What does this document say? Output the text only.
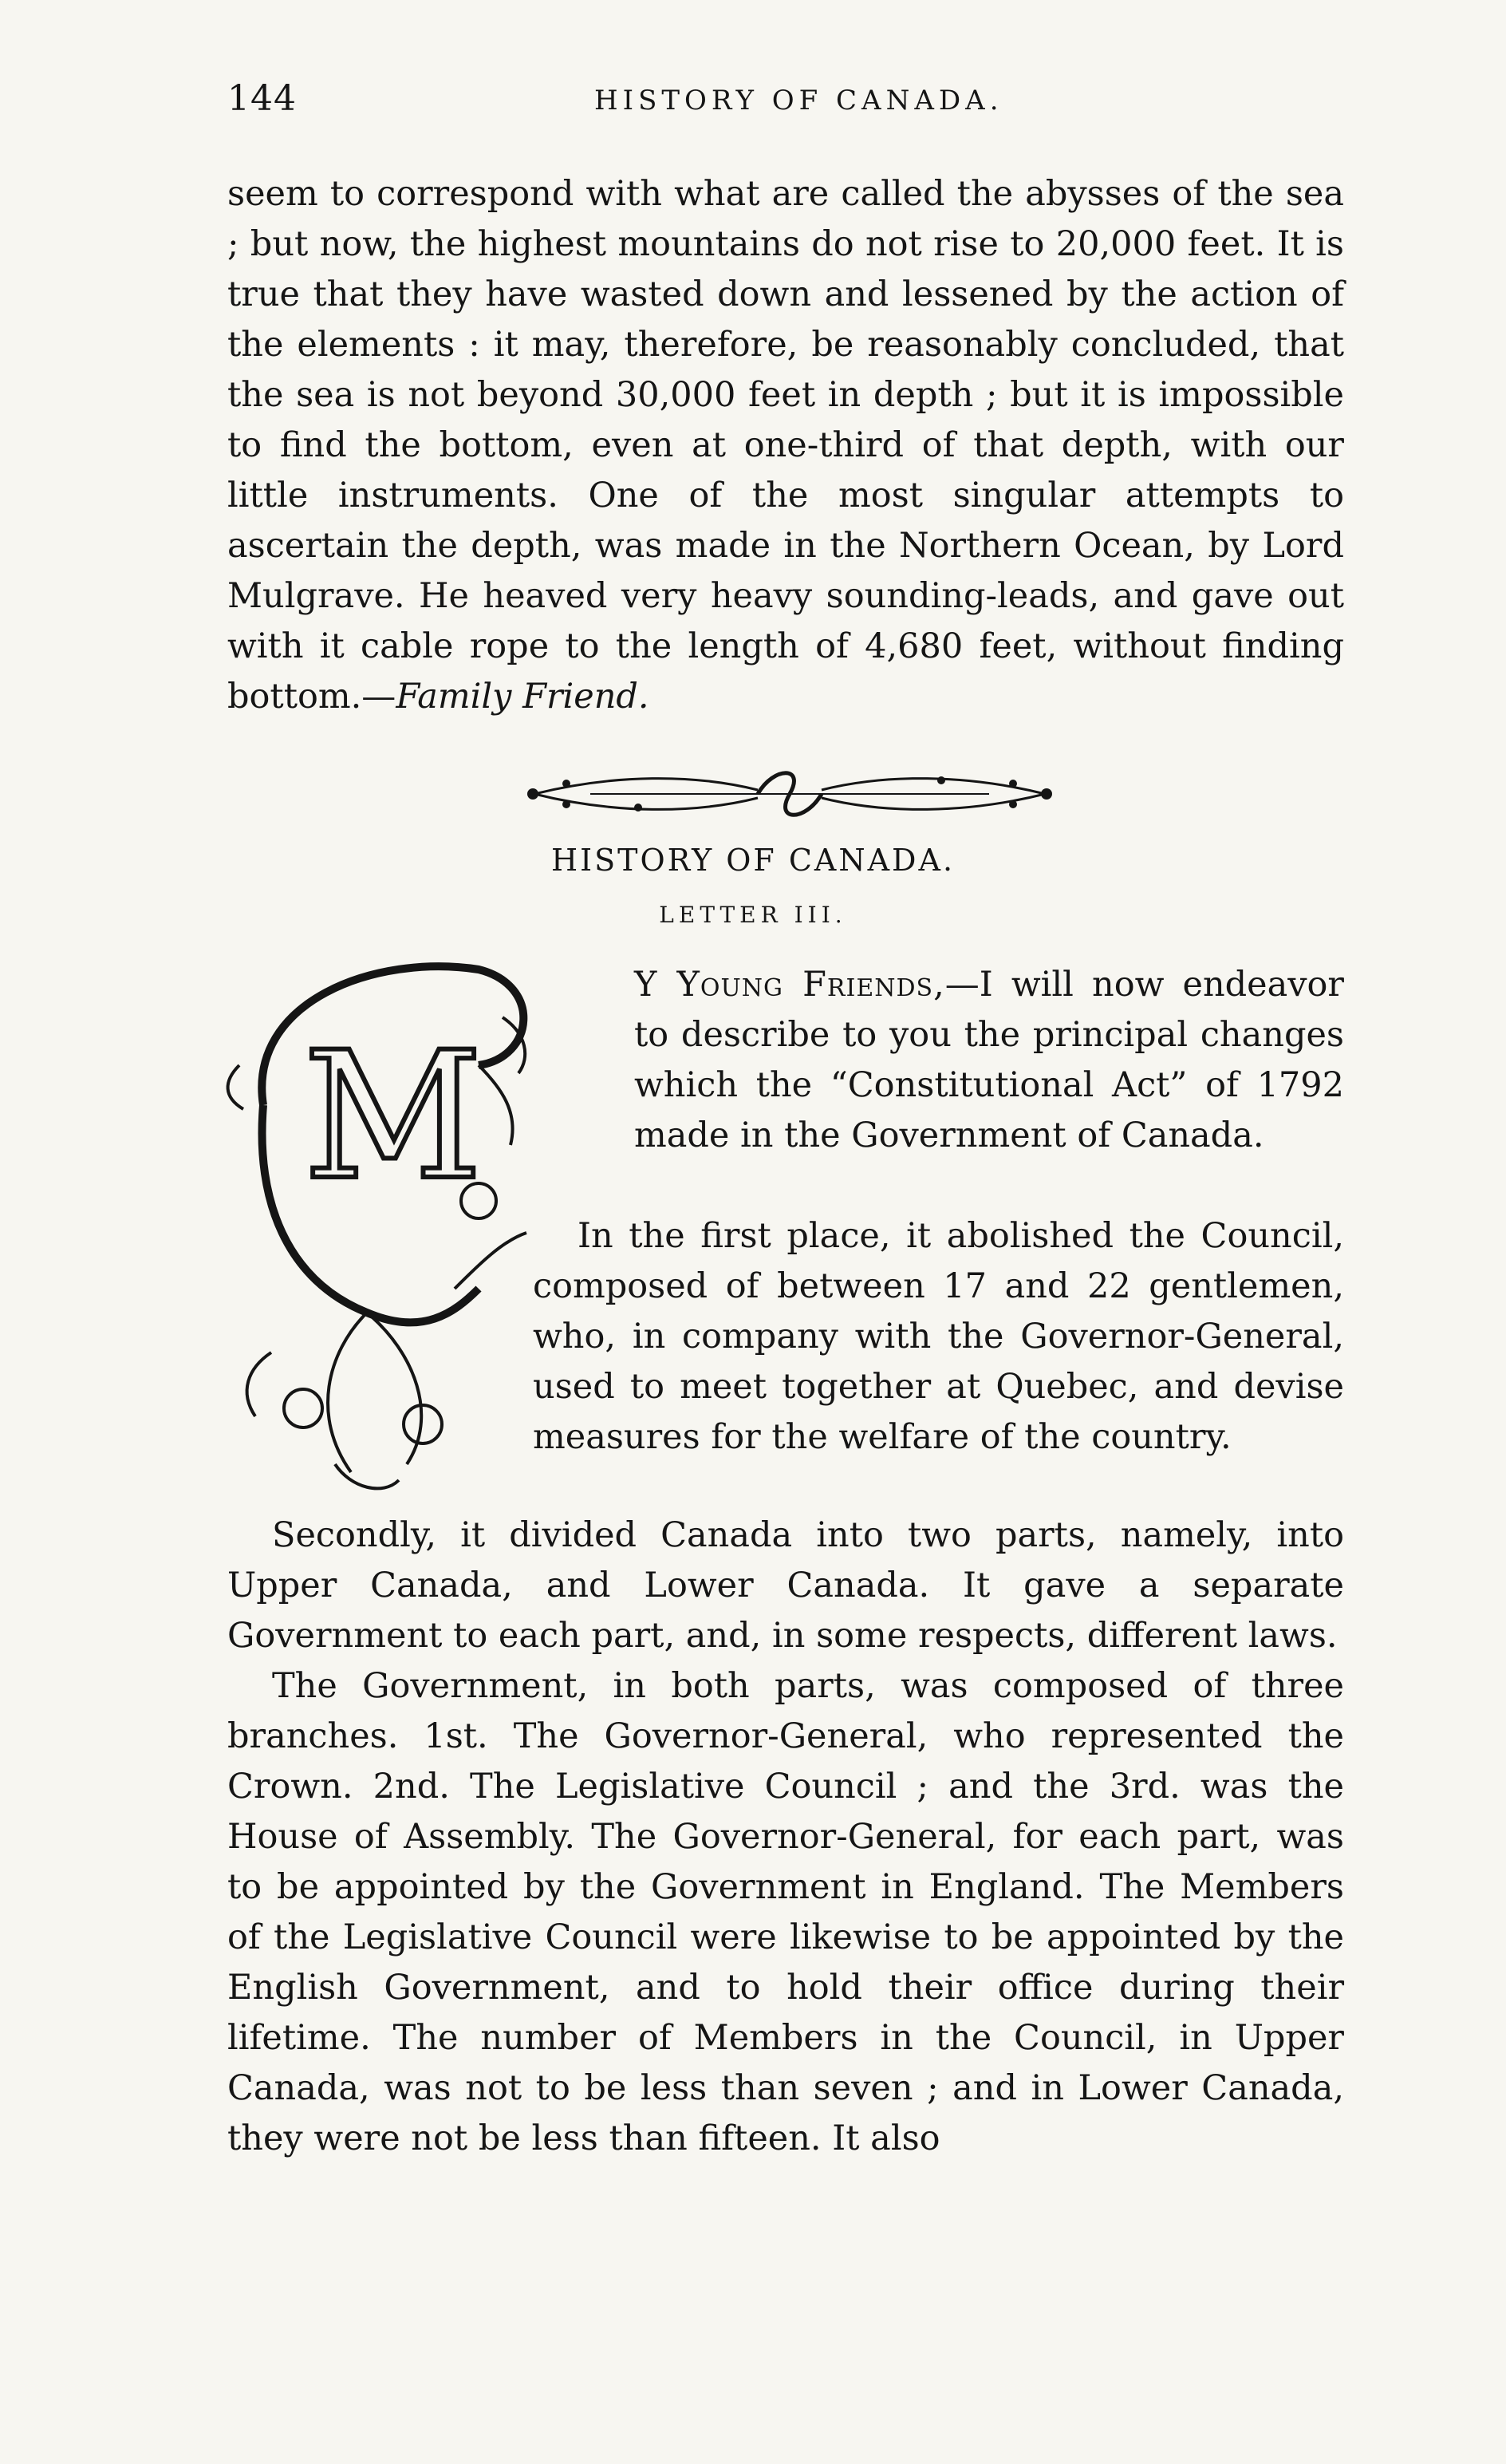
144	HISTORY OF CANADA.

seem to correspond with what are called the abysses of the sea ; but now, the highest mountains do not rise to 20,000 feet. It is true that they have wasted down and lessened by the action of the elements : it may, therefore, be reasonably concluded, that the sea is not beyond 30,000 feet in depth ; but it is impossible to find the bottom, even at one-third of that depth, with our little instruments. One of the most singular attempts to ascertain the depth, was made in the Northern Ocean, by Lord Mulgrave. He heaved very heavy sounding-leads, and gave out with it cable rope to the length of 4,680 feet, without finding bottom.—Family Friend.

HISTORY OF CANADA.
LETTER III.
M
Y Young Friends,—I will now endeavor to describe to you the principal changes which the “Constitutional Act” of 1792 made in the Government of Canada.
In the first place, it abolished the Council, composed of between 17 and 22 gentlemen, who, in company with the Governor-General, used to meet together at Quebec, and devise measures for the welfare of the country.

Secondly, it divided Canada into two parts, namely, into Upper Canada, and Lower Canada. It gave a separate Government to each part, and, in some respects, different laws.

The Government, in both parts, was composed of three branches. 1st. The Governor-General, who represented the Crown. 2nd. The Legislative Council ; and the 3rd. was the House of Assembly. The Governor-General, for each part, was to be appointed by the Government in England. The Members of the Legislative Council were likewise to be appointed by the English Government, and to hold their office during their lifetime. The number of Members in the Council, in Upper Canada, was not to be less than seven ; and in Lower Canada, they were not be less than fifteen. It also
